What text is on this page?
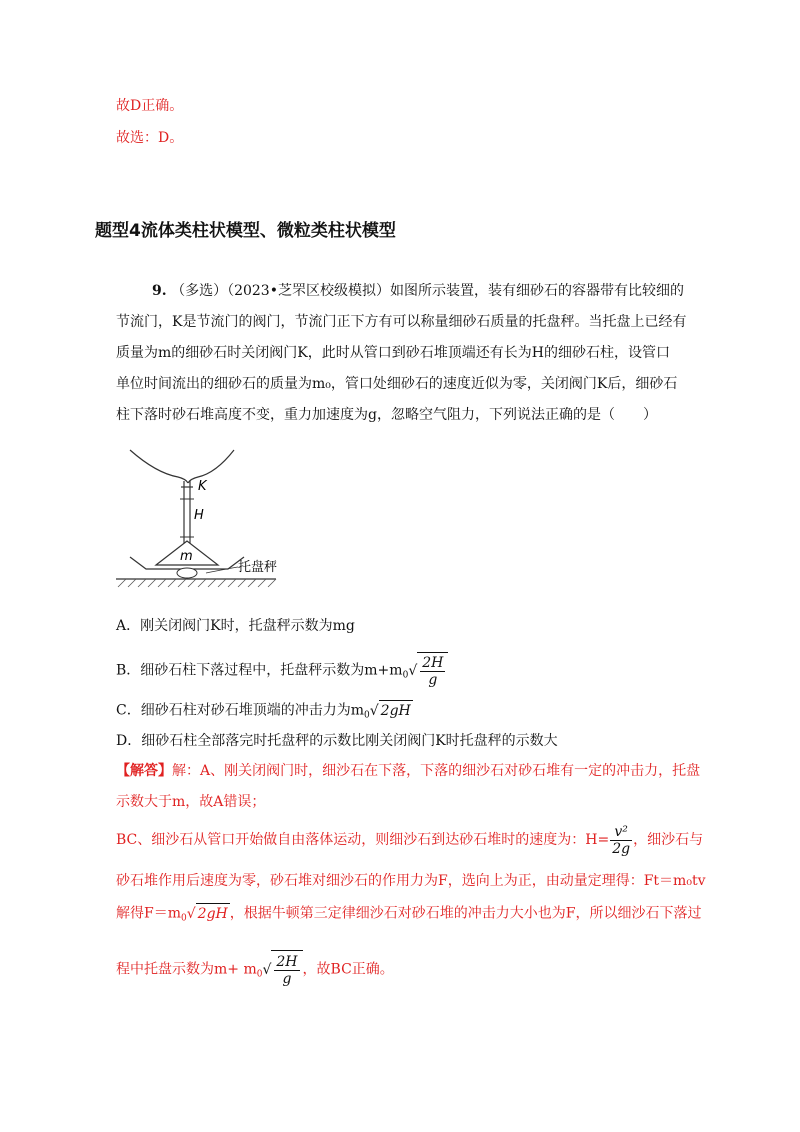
故D正确。
故选：D。
题型4流体类柱状模型、微粒类柱状模型
9. （多选）（2023•芝罘区校级模拟）如图所示装置，装有细砂石的容器带有比较细的
节流门，K是节流门的阀门，节流门正下方有可以称量细砂石质量的托盘秤。当托盘上已经有
质量为m的细砂石时关闭阀门K，此时从管口到砂石堆顶端还有长为H的细砂石柱，设管口
单位时间流出的细砂石的质量为m₀，管口处细砂石的速度近似为零，关闭阀门K后，细砂石
柱下落时砂石堆高度不变，重力加速度为g，忽略空气阻力，下列说法正确的是（　　）
K
H
m
托盘秤
A．刚关闭阀门K时，托盘秤示数为mg
B．细砂石柱下落过程中，托盘秤示数为$m+m_0√ \frac{2H}{g}$
C．细砂石柱对砂石堆顶端的冲击力为$m_0√$ 2gH
D．细砂石柱全部落完时托盘秤的示数比刚关闭阀门K时托盘秤的示数大
【解答】解：A、刚关闭阀门时，细沙石在下落，下落的细沙石对砂石堆有一定的冲击力，托盘
示数大于m，故A错误；
BC、细沙石从管口开始做自由落体运动，则细沙石到达砂石堆时的速度为：$H= \frac{\text{v²}}{2g}$ ，细沙石与
砂石堆作用后速度为零，砂石堆对细沙石的作用力为F，选向上为正，由动量定理得：Ft＝m₀tv
解得$F=m_0√$ 2gH ，根据牛顿第三定律细沙石对砂石堆的冲击力大小也为F，所以细沙石下落过
程中托盘示数为$m+ m_0√ \frac{2H}{g}$ ，故BC正确。
